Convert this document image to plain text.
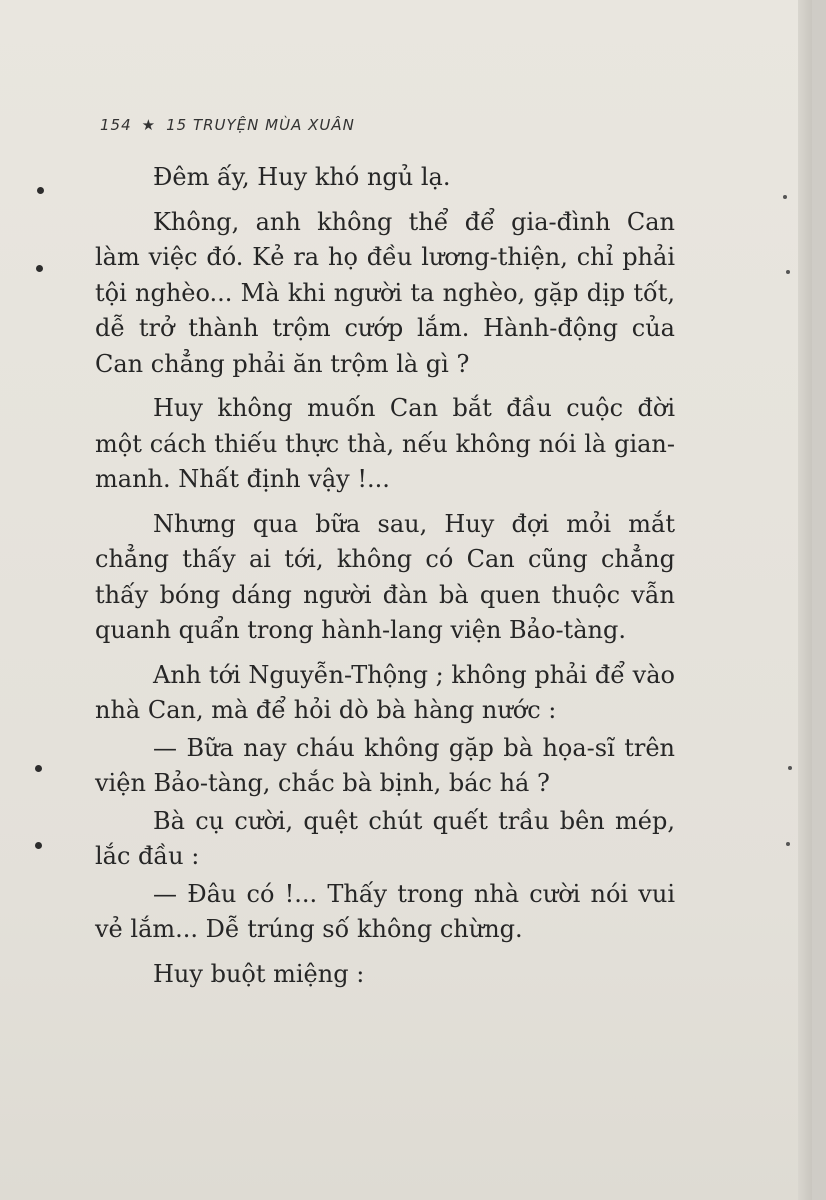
154 ★ 15 TRUYỆN MÙA XUÂN

Đêm ấy, Huy khó ngủ lạ.

Không, anh không thể để gia-đình Can làm việc đó. Kẻ ra họ đều lương-thiện, chỉ phải tội nghèo... Mà khi người ta nghèo, gặp dịp tốt, dễ trở thành trộm cướp lắm. Hành-động của Can chẳng phải ăn trộm là gì ?

Huy không muốn Can bắt đầu cuộc đời một cách thiếu thực thà, nếu không nói là gian-manh. Nhất định vậy !...

Nhưng qua bữa sau, Huy đợi mỏi mắt chẳng thấy ai tới, không có Can cũng chẳng thấy bóng dáng người đàn bà quen thuộc vẫn quanh quẩn trong hành-lang viện Bảo-tàng.

Anh tới Nguyễn-Thộng ; không phải để vào nhà Can, mà để hỏi dò bà hàng nước :

— Bữa nay cháu không gặp bà họa-sĩ trên viện Bảo-tàng, chắc bà bịnh, bác há ?

Bà cụ cười, quệt chút quết trầu bên mép, lắc đầu :

— Đâu có !... Thấy trong nhà cười nói vui vẻ lắm... Dễ trúng số không chừng.

Huy buột miệng :
